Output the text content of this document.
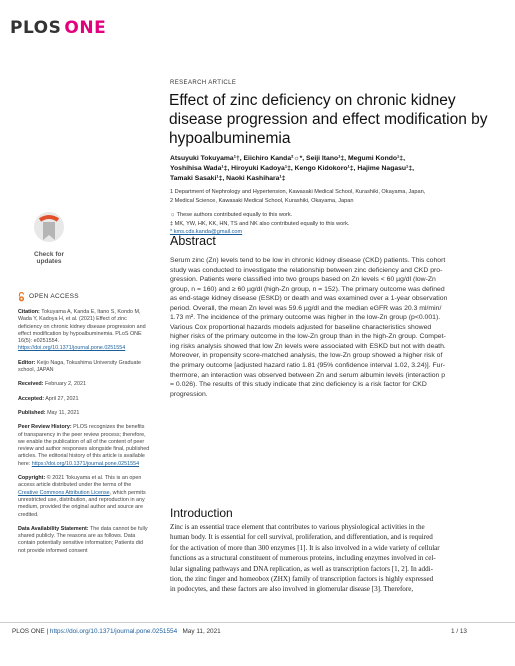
PLOS ONE
RESEARCH ARTICLE
Effect of zinc deficiency on chronic kidney disease progression and effect modification by hypoalbuminemia
Atsuyuki Tokuyama¹†, Eiichiro Kanda²☼*, Seiji Itano¹‡, Megumi Kondo¹‡,
Yoshihisa Wada¹‡, Hiroyuki Kadoya¹‡, Kengo Kidokoro¹‡, Hajime Nagasu¹‡,
Tamaki Sasaki¹‡, Naoki Kashihara¹‡
1 Department of Nephrology and Hypertension, Kawasaki Medical School, Kurashiki, Okayama, Japan,
2 Medical Science, Kawasaki Medical School, Kurashiki, Okayama, Japan
☼ These authors contributed equally to this work.
‡ MK, YW, HK, KK, HN, TS and NK also contributed equally to this work.
* kms.cds.kanda@gmail.com
Abstract
Serum zinc (Zn) levels tend to be low in chronic kidney disease (CKD) patients. This cohort
study was conducted to investigate the relationship between zinc deficiency and CKD pro-
gression. Patients were classified into two groups based on Zn levels < 60 µg/dl (low-Zn
group, n = 160) and ≥ 60 µg/dl (high-Zn group, n = 152). The primary outcome was defined
as end-stage kidney disease (ESKD) or death and was examined over a 1-year observation
period. Overall, the mean Zn level was 59.6 µg/dl and the median eGFR was 20.3 ml/min/
1.73 m². The incidence of the primary outcome was higher in the low-Zn group (p<0.001).
Various Cox proportional hazards models adjusted for baseline characteristics showed
higher risks of the primary outcome in the low-Zn group than in the high-Zn group. Compet-
ing risks analysis showed that low Zn levels were associated with ESKD but not with death.
Moreover, in propensity score-matched analysis, the low-Zn group showed a higher risk of
the primary outcome [adjusted hazard ratio 1.81 (95% confidence interval 1.02, 3.24)]. Fur-
thermore, an interaction was observed between Zn and serum albumin levels (interaction p
= 0.026). The results of this study indicate that zinc deficiency is a risk factor for CKD
progression.
Introduction
Zinc is an essential trace element that contributes to various physiological activities in the
human body. It is essential for cell survival, proliferation, and differentiation, and is required
for the activation of more than 300 enzymes [1]. It is also involved in a wide variety of cellular
functions as a structural constituent of numerous proteins, including enzymes involved in cel-
lular signaling pathways and DNA replication, as well as transcription factors [1, 2]. In addi-
tion, the zinc finger and homeobox (ZHX) family of transcription factors is highly expressed
in podocytes, and these factors are also involved in glomerular disease [3]. Therefore,
Check for
updates
OPEN ACCESS

Citation: Tokuyama A, Kanda E, Itano S, Kondo M, Wada Y, Kadoya H, et al. (2021) Effect of zinc deficiency on chronic kidney disease progression and effect modification by hypoalbuminemia. PLoS ONE 16(5): e0251554. https://doi.org/10.1371/journal.pone.0251554

Editor: Keijo Naga, Tokushima University Graduate school, JAPAN

Received: February 2, 2021

Accepted: April 27, 2021

Published: May 11, 2021

Peer Review History: PLOS recognizes the benefits of transparency in the peer review process; therefore, we enable the publication of all of the content of peer review and author responses alongside final, published articles. The editorial history of this article is available here: https://doi.org/10.1371/journal.pone.0251554

Copyright: © 2021 Tokuyama et al. This is an open access article distributed under the terms of the Creative Commons Attribution License, which permits unrestricted use, distribution, and reproduction in any medium, provided the original author and source are credited.

Data Availability Statement: The data cannot be fully shared publicly. The reasons are as follows. Data contain potentially sensitive information; Patients did not provide informed consent

PLOS ONE | https://doi.org/10.1371/journal.pone.0251554 May 11, 2021	1 / 13
